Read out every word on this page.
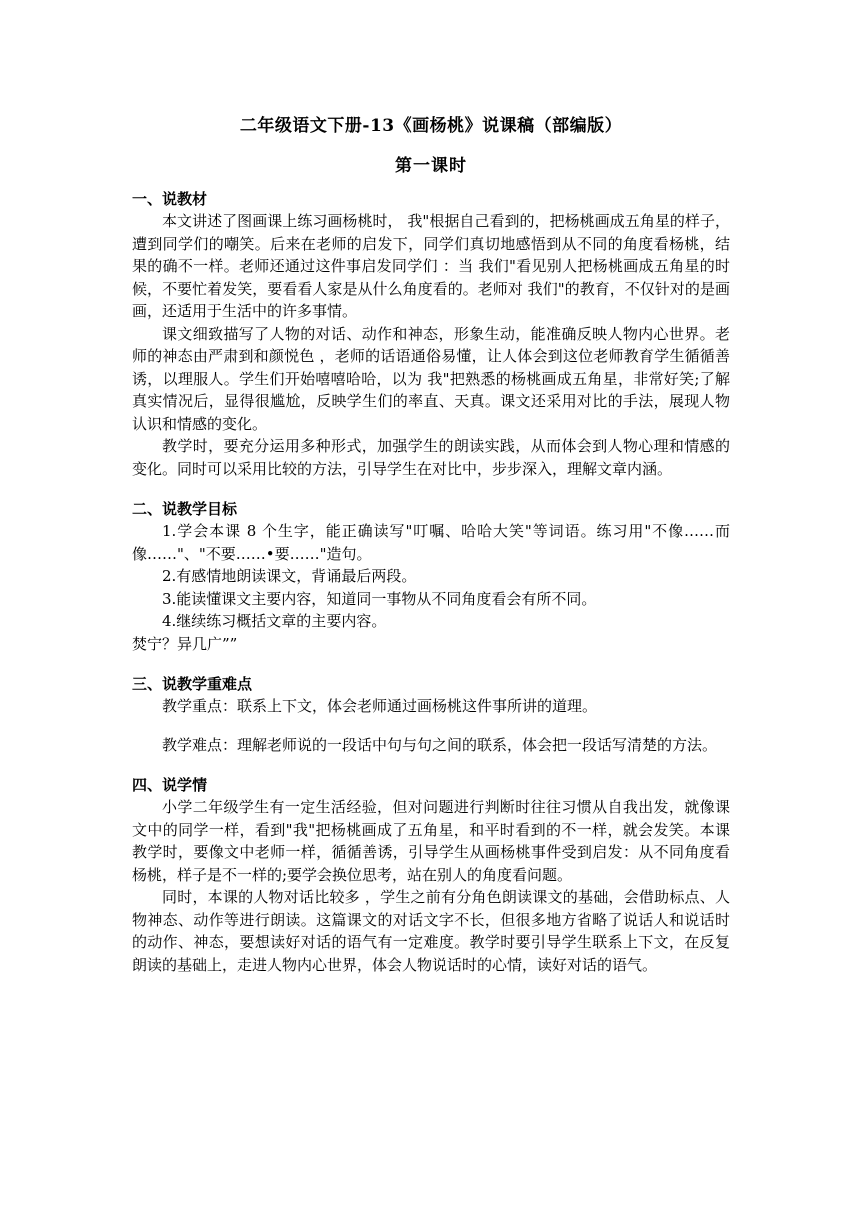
二年级语文下册-13《画杨桃》说课稿（部编版）
第一课时
一、说教材

本文讲述了图画课上练习画杨桃时， 我"根据自己看到的，把杨桃画成五角星的样子，遭到同学们的嘲笑。后来在老师的启发下，同学们真切地感悟到从不同的角度看杨桃，结果的确不一样。老师还通过这件事启发同学们 ：当 我们"看见别人把杨桃画成五角星的时候，不要忙着发笑，要看看人家是从什么角度看的。老师对 我们"的教育，不仅针对的是画画，还适用于生活中的许多事情。

课文细致描写了人物的对话、动作和神态，形象生动，能准确反映人物内心世界。老师的神态由严肃到和颜悦色 ，老师的话语通俗易懂，让人体会到这位老师教育学生循循善诱，以理服人。学生们开始嘻嘻哈哈，以为 我"把熟悉的杨桃画成五角星，非常好笑;了解真实情况后，显得很尴尬，反映学生们的率直、天真。课文还采用对比的手法，展现人物认识和情感的变化。

教学时，要充分运用多种形式，加强学生的朗读实践，从而体会到人物心理和情感的变化。同时可以采用比较的方法，引导学生在对比中，步步深入，理解文章内涵。

二、说教学目标

1.学会本课 8 个生字，能正确读写"叮嘱、哈哈大笑"等词语。练习用"不像……而像……"、"不要……•要……"造句。

2.有感情地朗读课文，背诵最后两段。

3.能读懂课文主要内容，知道同一事物从不同角度看会有所不同。

4.继续练习概括文章的主要内容。

焚宁？异几广””

三、说教学重难点

教学重点：联系上下文，体会老师通过画杨桃这件事所讲的道理。

教学难点：理解老师说的一段话中句与句之间的联系，体会把一段话写清楚的方法。

四、说学情

小学二年级学生有一定生活经验，但对问题进行判断时往往习惯从自我出发，就像课文中的同学一样，看到"我"把杨桃画成了五角星，和平时看到的不一样，就会发笑。本课教学时，要像文中老师一样，循循善诱，引导学生从画杨桃事件受到启发：从不同角度看杨桃，样子是不一样的;要学会换位思考，站在别人的角度看问题。

同时，本课的人物对话比较多 ，学生之前有分角色朗读课文的基础，会借助标点、人物神态、动作等进行朗读。这篇课文的对话文字不长，但很多地方省略了说话人和说话时的动作、神态，要想读好对话的语气有一定难度。教学时要引导学生联系上下文，在反复朗读的基础上，走进人物内心世界，体会人物说话时的心情，读好对话的语气。
